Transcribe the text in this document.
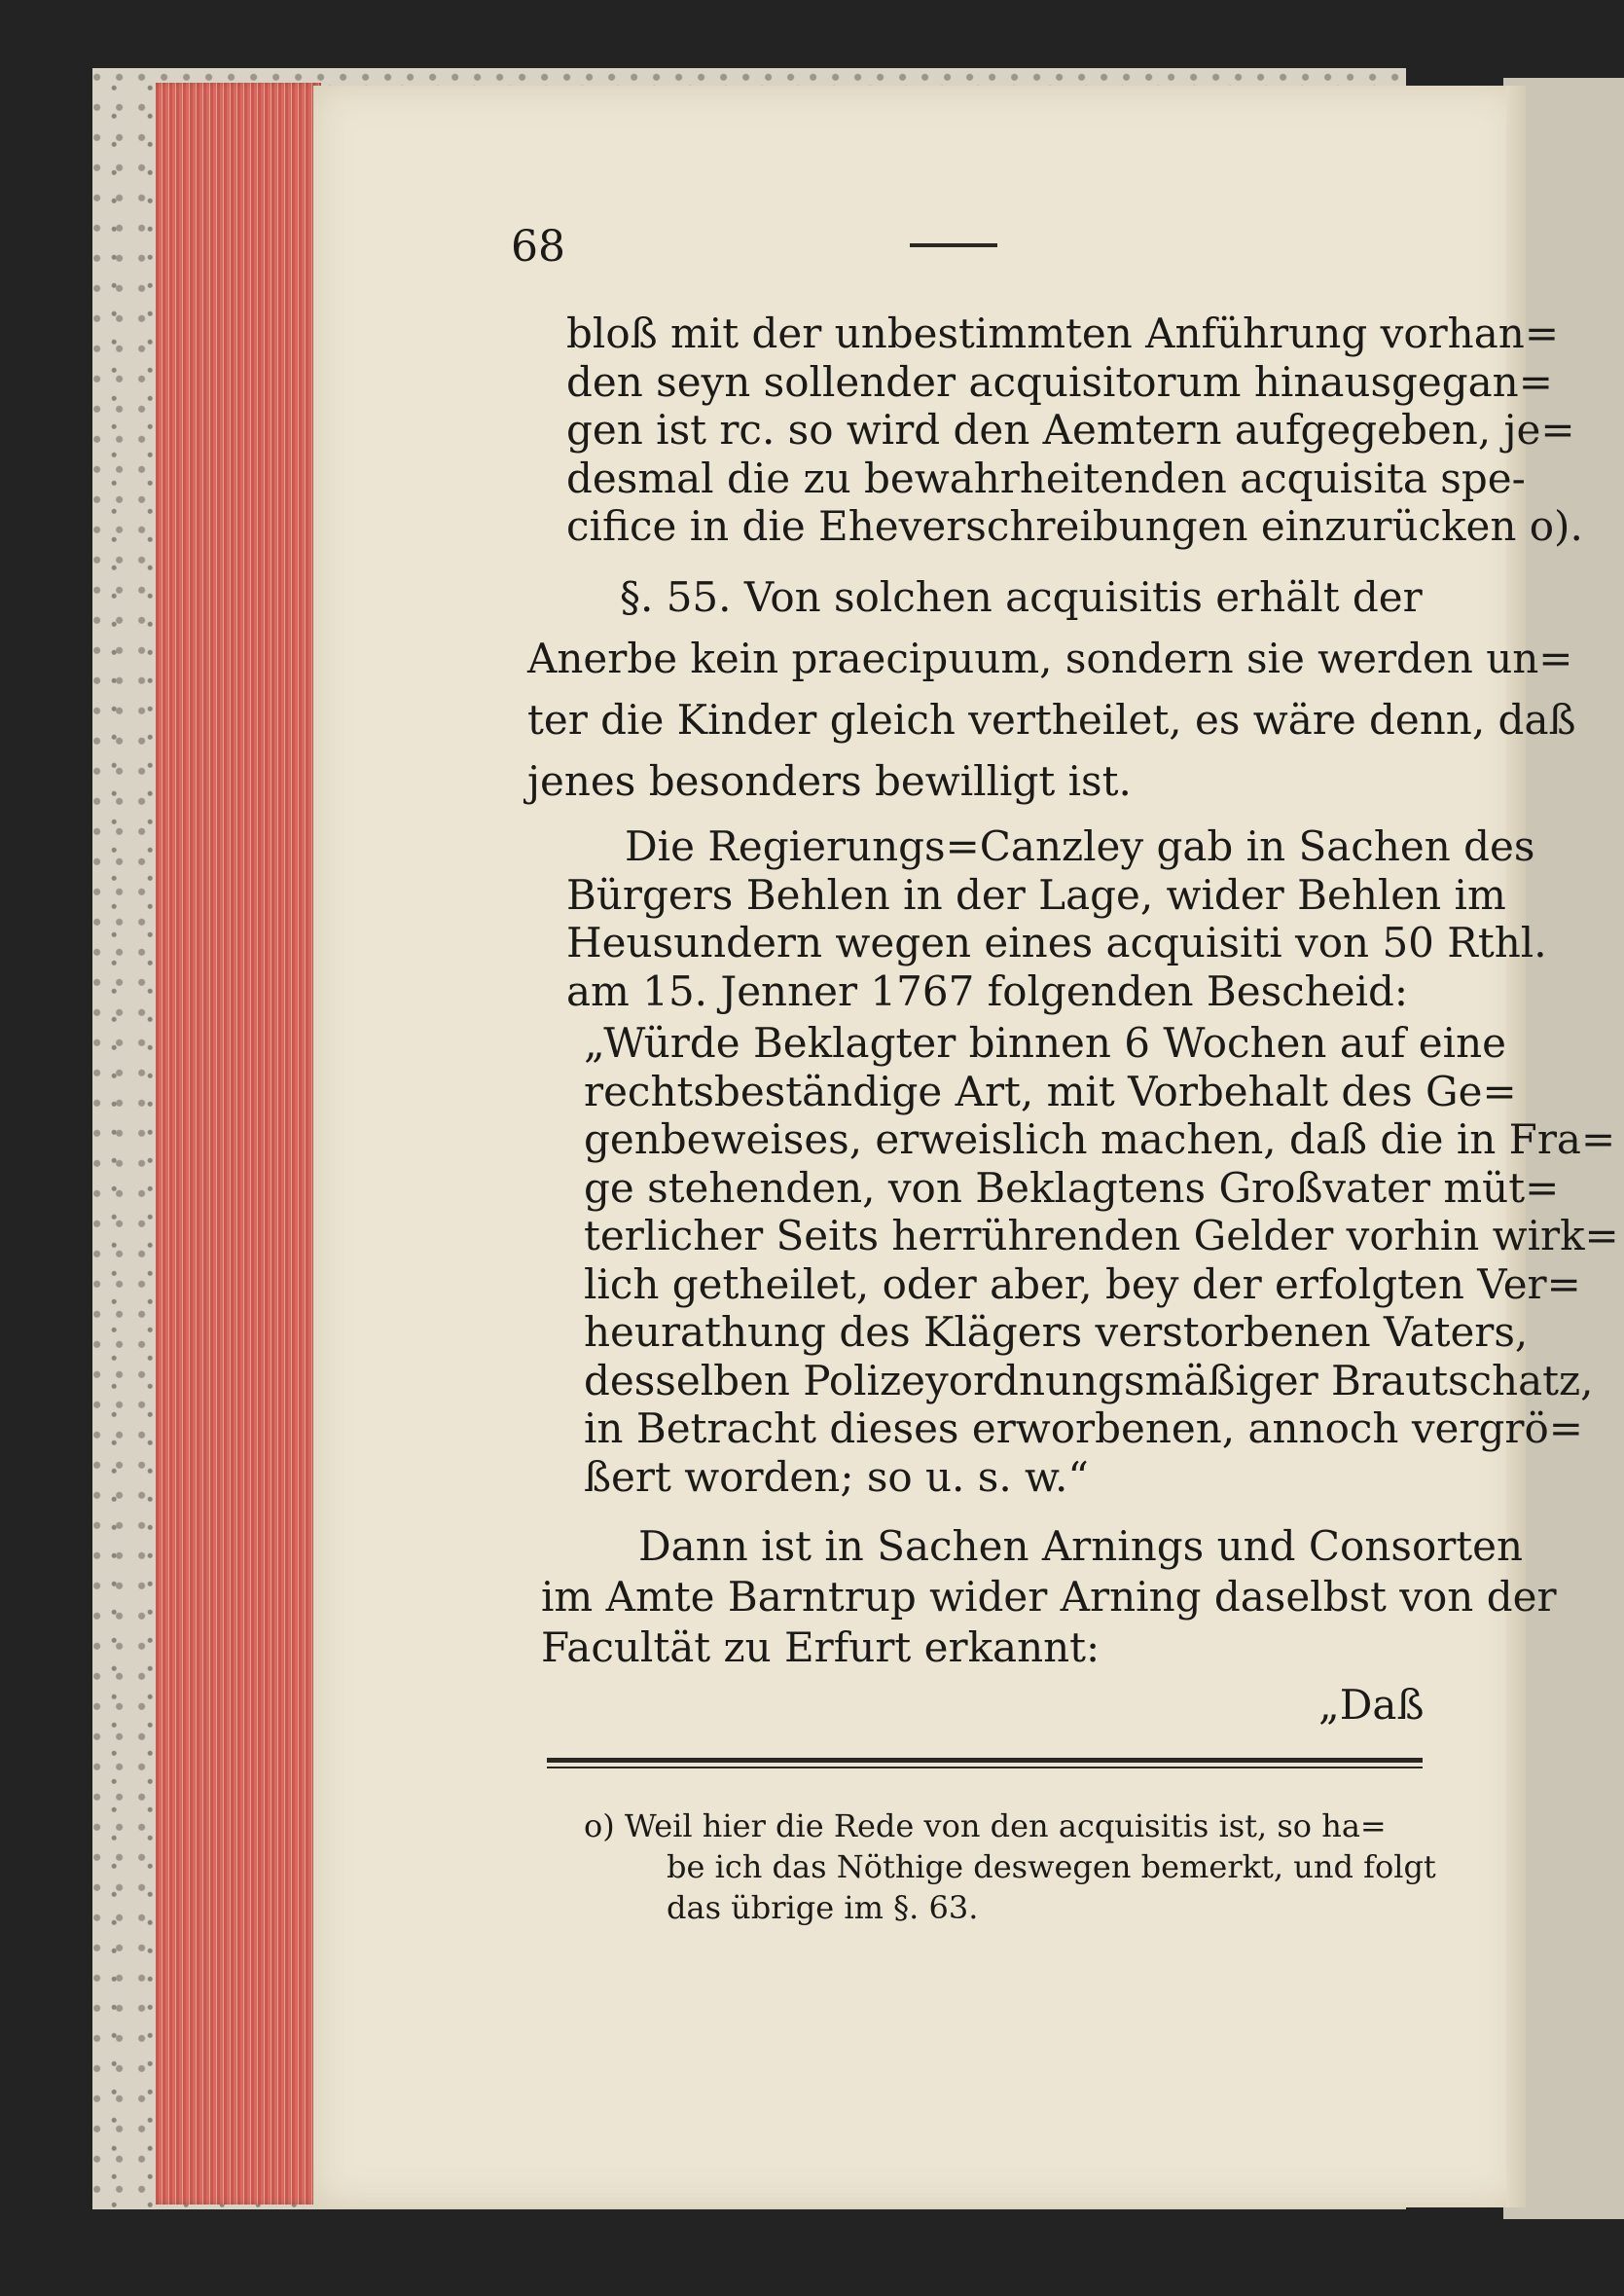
68

bloß mit der unbestimmten Anführung vorhan=

den seyn sollender acquisitorum hinausgegan=

gen ist rc. so wird den Aemtern aufgegeben, je=

desmal die zu bewahrheitenden acquisita spe-

cifice in die Eheverschreibungen einzurücken o).

§. 55. Von solchen acquisitis erhält der

Anerbe kein praecipuum, sondern sie werden un=

ter die Kinder gleich vertheilet, es wäre denn, daß

jenes besonders bewilligt ist.

Die Regierungs=Canzley gab in Sachen des

Bürgers Behlen in der Lage, wider Behlen im

Heusundern wegen eines acquisiti von 50 Rthl.

am 15. Jenner 1767 folgenden Bescheid:

„Würde Beklagter binnen 6 Wochen auf eine

rechtsbeständige Art, mit Vorbehalt des Ge=

genbeweises, erweislich machen, daß die in Fra=

ge stehenden, von Beklagtens Großvater müt=

terlicher Seits herrührenden Gelder vorhin wirk=

lich getheilet, oder aber, bey der erfolgten Ver=

heurathung des Klägers verstorbenen Vaters,

desselben Polizeyordnungsmäßiger Brautschatz,

in Betracht dieses erworbenen, annoch vergrö=

ßert worden; so u. s. w.“

Dann ist in Sachen Arnings und Consorten

im Amte Barntrup wider Arning daselbst von der

Facultät zu Erfurt erkannt:

„Daß

o) Weil hier die Rede von den acquisitis ist, so ha=

be ich das Nöthige deswegen bemerkt, und folgt

das übrige im §. 63.
